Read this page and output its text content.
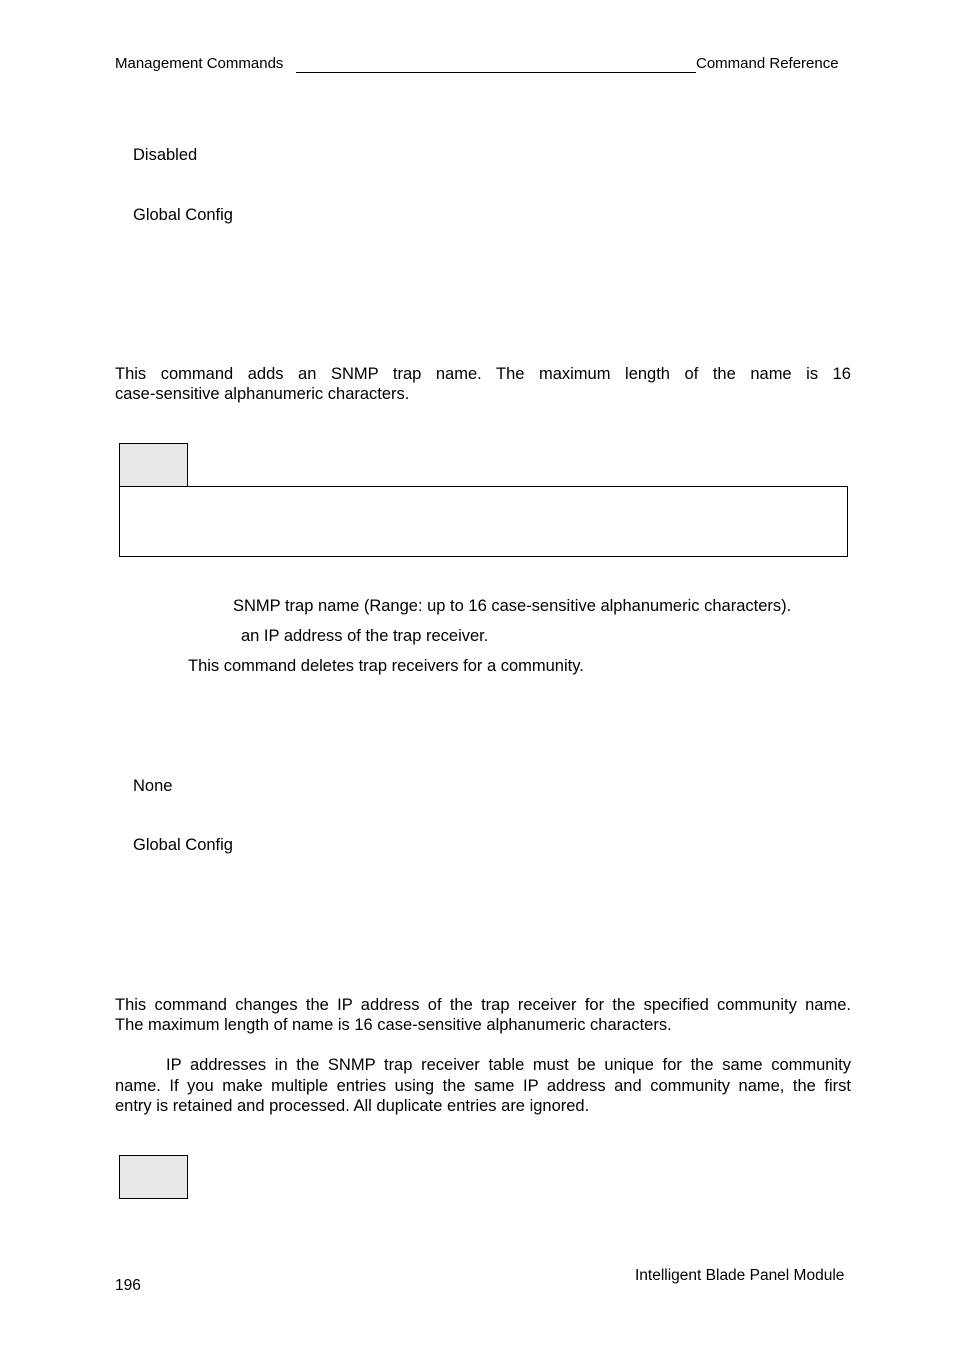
Management Commands	Command Reference
Disabled
Global Config
This command adds an SNMP trap name. The maximum length of the name is 16
case-sensitive alphanumeric characters.
SNMP trap name (Range: up to 16 case-sensitive alphanumeric characters).
an IP address of the trap receiver.
This command deletes trap receivers for a community.
None
Global Config
This command changes the IP address of the trap receiver for the specified community name.
The maximum length of name is 16 case-sensitive alphanumeric characters.
IP addresses in the SNMP trap receiver table must be unique for the same community
name. If you make multiple entries using the same IP address and community name, the first
entry is retained and processed. All duplicate entries are ignored.
196
Intelligent Blade Panel Module
